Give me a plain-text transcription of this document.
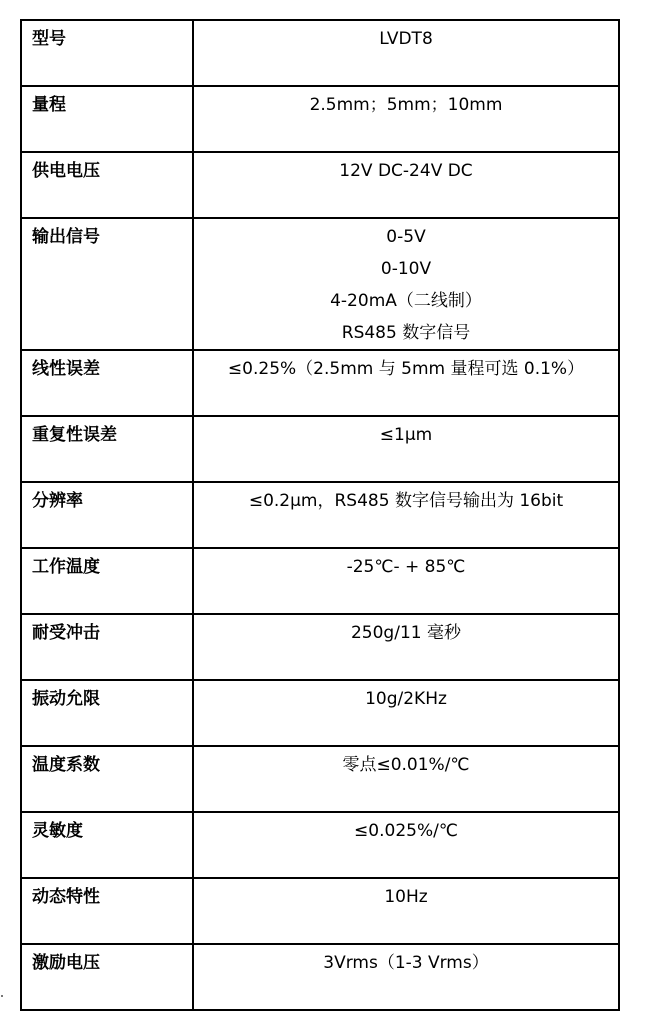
型号	LVDT8

量程	2.5mm；5mm；10mm

供电电压	12V DC-24V DC

输出信号	0-5V
0-10V
4-20mA（二线制）
RS485 数字信号

线性误差	≤0.25%（2.5mm 与 5mm 量程可选 0.1%）

重复性误差	≤1μm

分辨率	≤0.2μm，RS485 数字信号输出为 16bit

工作温度	-25℃- + 85℃

耐受冲击	250g/11 毫秒

振动允限	10g/2KHz

温度系数	零点≤0.01%/℃

灵敏度	≤0.025%/℃

动态特性	10Hz

激励电压	3Vrms（1-3 Vrms）
